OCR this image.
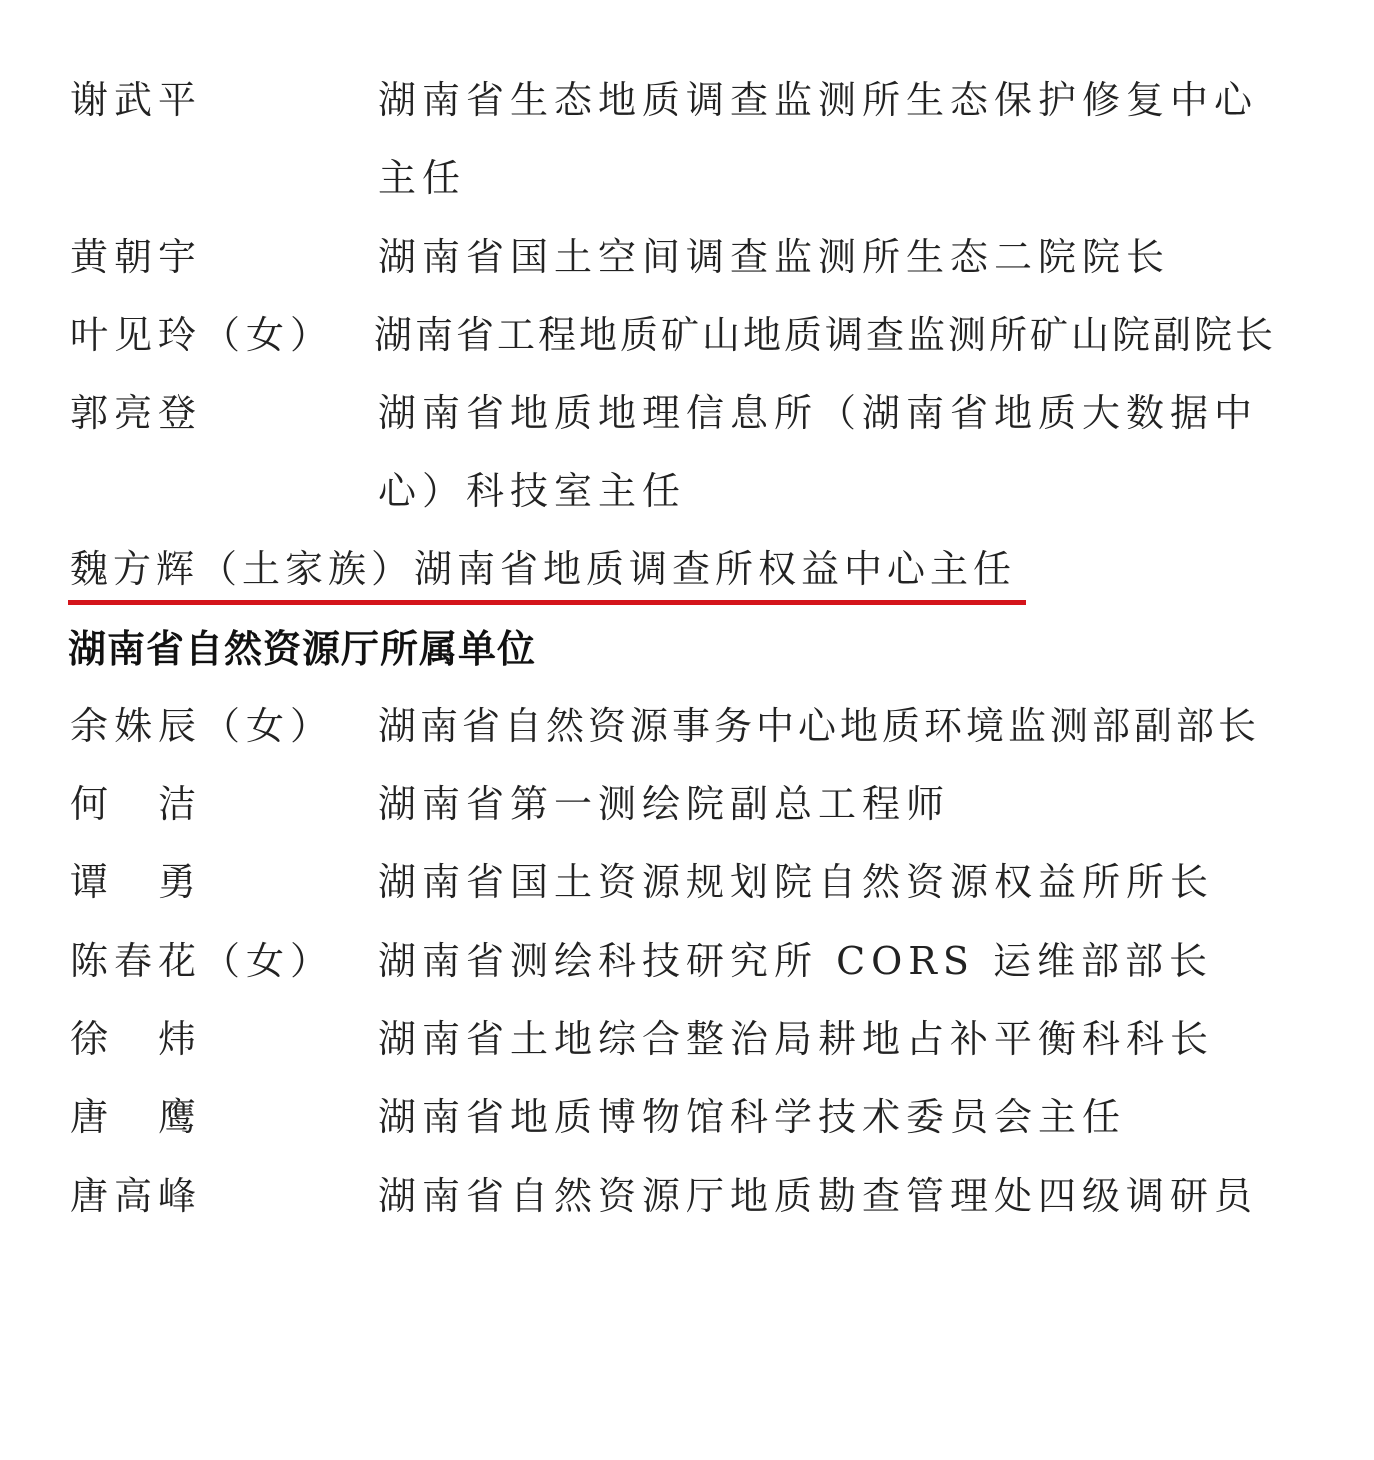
谢武平	湖南省生态地质调查监测所生态保护修复中心
主任
黄朝宇	湖南省国土空间调查监测所生态二院院长
叶见玲（女） 湖南省工程地质矿山地质调查监测所矿山院副院长
郭亮登	湖南省地质地理信息所（湖南省地质大数据中
心）科技室主任
魏方辉（土家族）湖南省地质调查所权益中心主任
湖南省自然资源厅所属单位
余姝辰（女） 湖南省自然资源事务中心地质环境监测部副部长
何　洁	湖南省第一测绘院副总工程师
谭　勇	湖南省国土资源规划院自然资源权益所所长
陈春花（女） 湖南省测绘科技研究所 CORS 运维部部长
徐　炜	湖南省土地综合整治局耕地占补平衡科科长
唐　鹰	湖南省地质博物馆科学技术委员会主任
唐高峰	湖南省自然资源厅地质勘查管理处四级调研员
